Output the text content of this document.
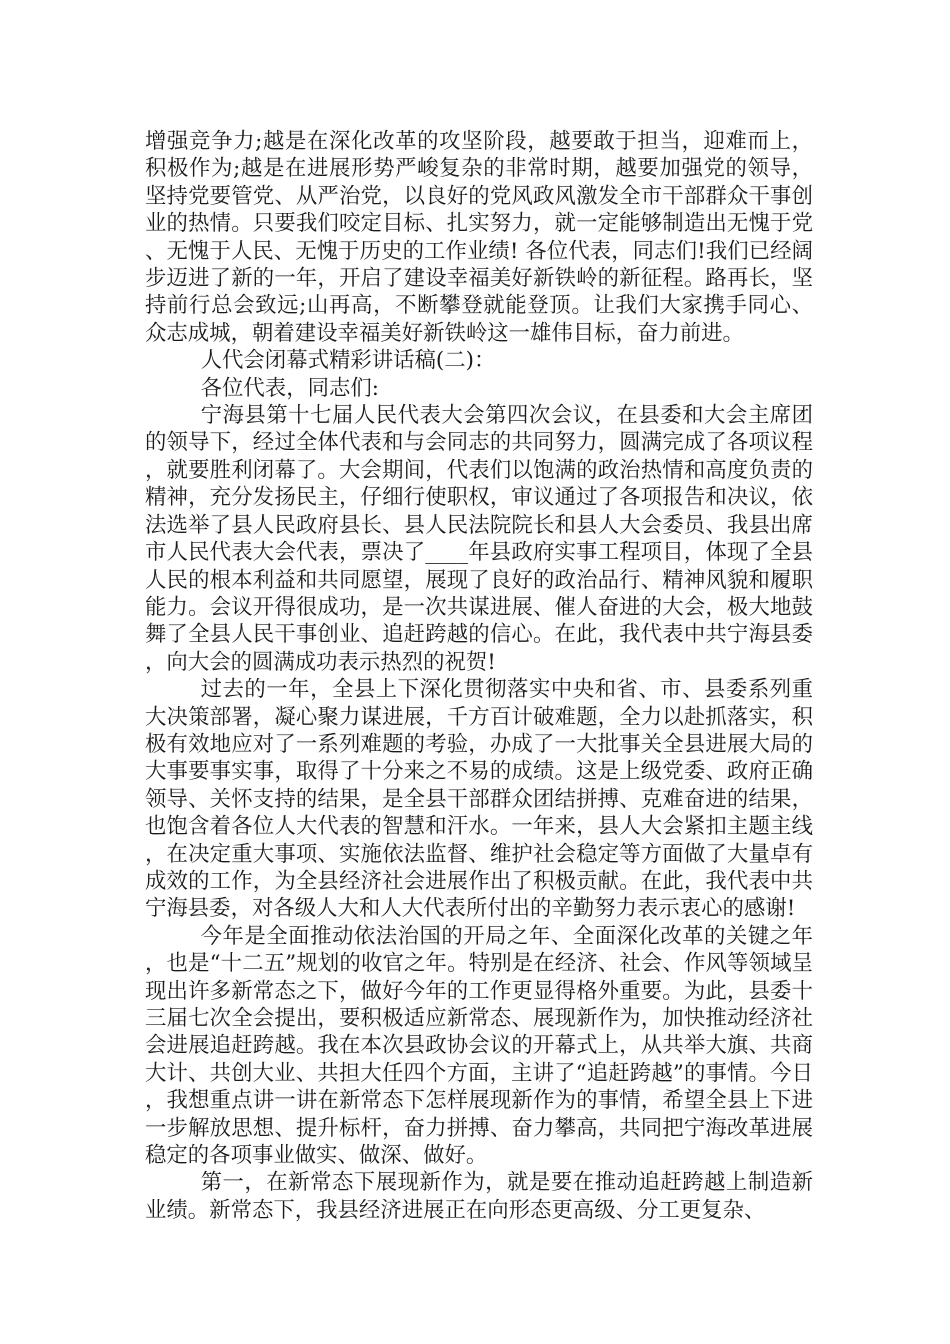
增强竞争力;越是在深化改革的攻坚阶段，越要敢于担当，迎难而上，积极作为;越是在进展形势严峻复杂的非常时期，越要加强党的领导，坚持党要管党、从严治党，以良好的党风政风激发全市干部群众干事创业的热情。只要我们咬定目标、扎实努力，就一定能够制造出无愧于党、无愧于人民、无愧于历史的工作业绩! 各位代表，同志们!我们已经阔步迈进了新的一年，开启了建设幸福美好新铁岭的新征程。路再长，坚持前行总会致远;山再高，不断攀登就能登顶。让我们大家携手同心、众志成城，朝着建设幸福美好新铁岭这一雄伟目标，奋力前进。

人代会闭幕式精彩讲话稿(二)：

各位代表，同志们:

宁海县第十七届人民代表大会第四次会议，在县委和大会主席团的领导下，经过全体代表和与会同志的共同努力，圆满完成了各项议程，就要胜利闭幕了。大会期间，代表们以饱满的政治热情和高度负责的精神，充分发扬民主，仔细行使职权，审议通过了各项报告和决议，依法选举了县人民政府县长、县人民法院院长和县人大会委员、我县出席市人民代表大会代表，票决了____年县政府实事工程项目，体现了全县人民的根本利益和共同愿望，展现了良好的政治品行、精神风貌和履职能力。会议开得很成功，是一次共谋进展、催人奋进的大会，极大地鼓舞了全县人民干事创业、追赶跨越的信心。在此，我代表中共宁海县委，向大会的圆满成功表示热烈的祝贺!

过去的一年，全县上下深化贯彻落实中央和省、市、县委系列重大决策部署，凝心聚力谋进展，千方百计破难题，全力以赴抓落实，积极有效地应对了一系列难题的考验，办成了一大批事关全县进展大局的大事要事实事，取得了十分来之不易的成绩。这是上级党委、政府正确领导、关怀支持的结果，是全县干部群众团结拼搏、克难奋进的结果，也饱含着各位人大代表的智慧和汗水。一年来，县人大会紧扣主题主线，在决定重大事项、实施依法监督、维护社会稳定等方面做了大量卓有成效的工作，为全县经济社会进展作出了积极贡献。在此，我代表中共宁海县委，对各级人大和人大代表所付出的辛勤努力表示衷心的感谢!

今年是全面推动依法治国的开局之年、全面深化改革的关键之年，也是“十二五”规划的收官之年。特别是在经济、社会、作风等领域呈现出许多新常态之下，做好今年的工作更显得格外重要。为此，县委十三届七次全会提出，要积极适应新常态、展现新作为，加快推动经济社会进展追赶跨越。我在本次县政协会议的开幕式上，从共举大旗、共商大计、共创大业、共担大任四个方面，主讲了“追赶跨越”的事情。今日，我想重点讲一讲在新常态下怎样展现新作为的事情，希望全县上下进一步解放思想、提升标杆，奋力拼搏、奋力攀高，共同把宁海改革进展稳定的各项事业做实、做深、做好。

第一，在新常态下展现新作为，就是要在推动追赶跨越上制造新业绩。新常态下，我县经济进展正在向形态更高级、分工更复杂、
